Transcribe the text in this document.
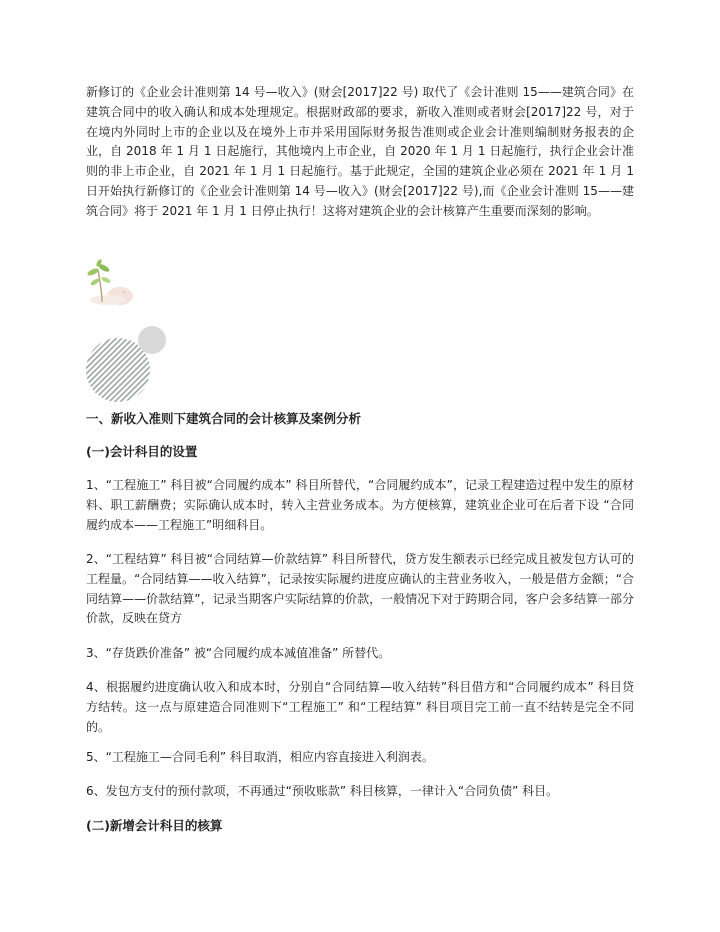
新修订的《企业会计准则第 14 号—收入》(财会[2017]22 号) 取代了《会计准则 15——建筑合同》在建筑合同中的收入确认和成本处理规定。根据财政部的要求，新收入准则或者财会[2017]22 号，对于在境内外同时上市的企业以及在境外上市并采用国际财务报告准则或企业会计准则编制财务报表的企业，自 2018 年 1 月 1 日起施行，其他境内上市企业，自 2020 年 1 月 1 日起施行，执行企业会计准则的非上市企业，自 2021 年 1 月 1 日起施行。基于此规定，全国的建筑企业必须在 2021 年 1 月 1 日开始执行新修订的《企业会计准则第 14 号—收入》(财会[2017]22 号),而《企业会计准则 15——建筑合同》将于 2021 年 1 月 1 日停止执行！这将对建筑企业的会计核算产生重要而深刻的影响。

一、新收入准则下建筑合同的会计核算及案例分析
(一)会计科目的设置

1、“工程施工” 科目被“合同履约成本” 科目所替代，“合同履约成本”，记录工程建造过程中发生的原材料、职工薪酬费；实际确认成本时，转入主营业务成本。为方便核算，建筑业企业可在后者下设 “合同履约成本——工程施工”明细科目。

2、“工程结算” 科目被“合同结算—价款结算” 科目所替代，贷方发生额表示已经完成且被发包方认可的工程量。“合同结算——收入结算”，记录按实际履约进度应确认的主营业务收入，一般是借方金额；“合同结算——价款结算”，记录当期客户实际结算的价款，一般情况下对于跨期合同，客户会多结算一部分价款，反映在贷方

3、“存货跌价准备” 被“合同履约成本减值准备” 所替代。

4、根据履约进度确认收入和成本时，分别自“合同结算—收入结转”科目借方和“合同履约成本” 科目贷方结转。这一点与原建造合同准则下“工程施工” 和“工程结算” 科目项目完工前一直不结转是完全不同的。

5、“工程施工—合同毛利” 科目取消，相应内容直接进入利润表。

6、发包方支付的预付款项，不再通过“预收账款” 科目核算，一律计入“合同负债” 科目。

(二)新增会计科目的核算
